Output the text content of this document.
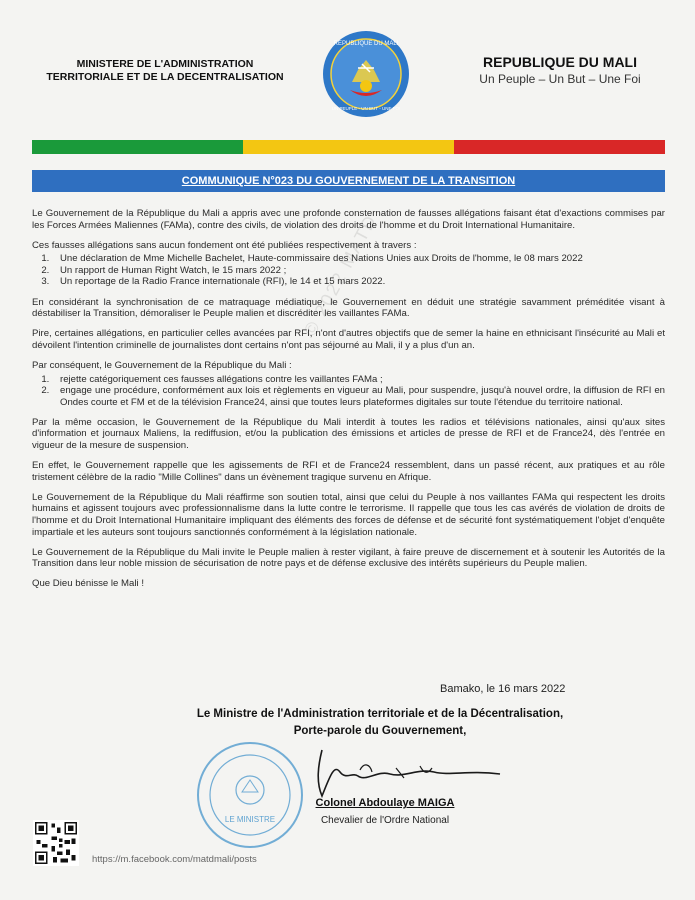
MINISTERE DE L'ADMINISTRATION
TERRITORIALE ET DE LA DECENTRALISATION
REPUBLIQUE DU MALI
UN PEUPLE - UN BUT - UNE FOI
REPUBLIQUE DU MALI
Un Peuple – Un But – Une Foi
COMMUNIQUE N°023 DU GOUVERNEMENT DE LA TRANSITION
© 2022 MATD

Le Gouvernement de la République du Mali a appris avec une profonde consternation de fausses allégations faisant état d'exactions commises par les Forces Armées Maliennes (FAMa), contre des civils, de violation des droits de l'homme et du Droit International Humanitaire.

Ces fausses allégations sans aucun fondement ont été publiées respectivement à travers :

1. Une déclaration de Mme Michelle Bachelet, Haute-commissaire des Nations Unies aux Droits de l'homme, le 08 mars 2022
2. Un rapport de Human Right Watch, le 15 mars 2022 ;
3. Un reportage de la Radio France internationale (RFI), le 14 et 15 mars 2022.

En considérant la synchronisation de ce matraquage médiatique, le Gouvernement en déduit une stratégie savamment préméditée visant à déstabiliser la Transition, démoraliser le Peuple malien et discréditer les vaillantes FAMa.

Pire, certaines allégations, en particulier celles avancées par RFI, n'ont d'autres objectifs que de semer la haine en ethnicisant l'insécurité au Mali et dévoilent l'intention criminelle de journalistes dont certains n'ont pas séjourné au Mali, il y a plus d'un an.

Par conséquent, le Gouvernement de la République du Mali :

1. rejette catégoriquement ces fausses allégations contre les vaillantes FAMa ;
2. engage une procédure, conformément aux lois et règlements en vigueur au Mali, pour suspendre, jusqu'à nouvel ordre, la diffusion de RFI en Ondes courte et FM et de la télévision France24, ainsi que toutes leurs plateformes digitales sur toute l'étendue du territoire national.

Par la même occasion, le Gouvernement de la République du Mali interdit à toutes les radios et télévisions nationales, ainsi qu'aux sites d'information et journaux Maliens, la rediffusion, et/ou la publication des émissions et articles de presse de RFI et de France24, dès l'entrée en vigueur de la mesure de suspension.

En effet, le Gouvernement rappelle que les agissements de RFI et de France24 ressemblent, dans un passé récent, aux pratiques et au rôle tristement célèbre de la radio "Mille Collines" dans un évènement tragique survenu en Afrique.

Le Gouvernement de la République du Mali réaffirme son soutien total, ainsi que celui du Peuple à nos vaillantes FAMa qui respectent les droits humains et agissent toujours avec professionnalisme dans la lutte contre le terrorisme. Il rappelle que tous les cas avérés de violation de droits de l'homme et du Droit International Humanitaire impliquant des éléments des forces de défense et de sécurité font systématiquement l'objet d'enquête impartiale et les auteurs sont toujours sanctionnés conformément à la législation nationale.

Le Gouvernement de la République du Mali invite le Peuple malien à rester vigilant, à faire preuve de discernement et à soutenir les Autorités de la Transition dans leur noble mission de sécurisation de notre pays et de défense exclusive des intérêts supérieurs du Peuple malien.

Que Dieu bénisse le Mali !

Bamako, le 16 mars 2022
Le Ministre de l'Administration territoriale et de la Décentralisation,
Porte-parole du Gouvernement,
LE MINISTRE
Colonel Abdoulaye MAIGA
Chevalier de l'Ordre National
https://m.facebook.com/matdmali/posts
